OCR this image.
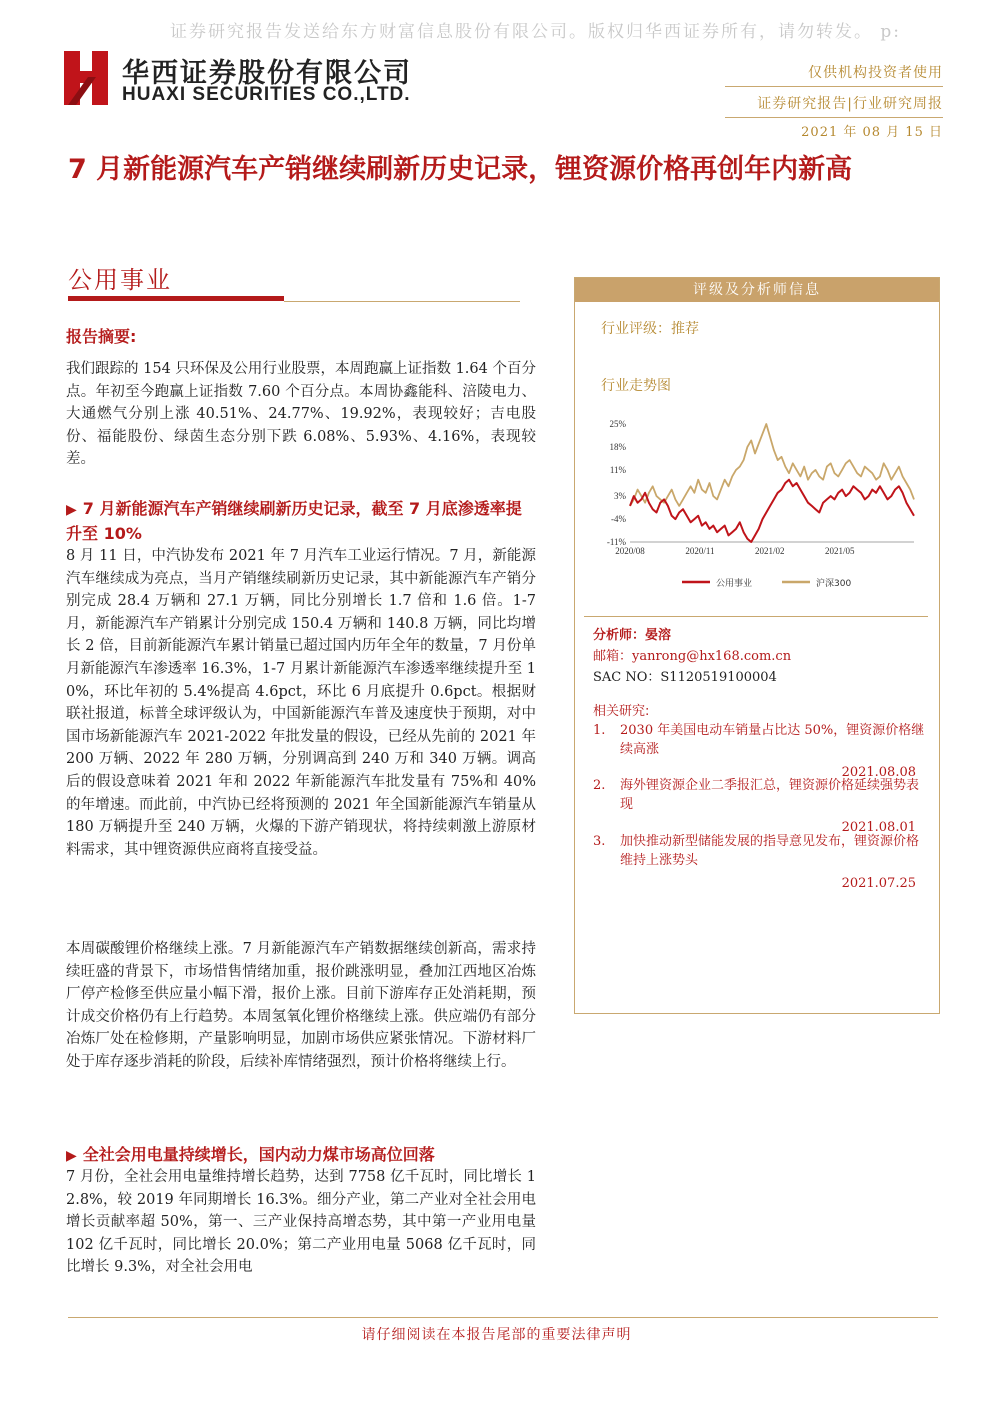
证券研究报告发送给东方财富信息股份有限公司。版权归华西证券所有，请勿转发。 p:
华西证券股份有限公司
HUAXI SECURITIES CO.,LTD.
仅供机构投资者使用
证券研究报告|行业研究周报
2021 年 08 月 15 日
7 月新能源汽车产销继续刷新历史记录，锂资源价格再创年内新高
公用事业
报告摘要:
我们跟踪的 154 只环保及公用行业股票，本周跑赢上证指数 1.64 个百分点。年初至今跑赢上证指数 7.60 个百分点。本周协鑫能科、涪陵电力、大通燃气分别上涨 40.51%、24.77%、19.92%，表现较好；吉电股份、福能股份、绿茵生态分别下跌 6.08%、5.93%、4.16%，表现较差。
▶ 7 月新能源汽车产销继续刷新历史记录，截至 7 月底渗透率提升至 10%
8 月 11 日，中汽协发布 2021 年 7 月汽车工业运行情况。7 月，新能源汽车继续成为亮点，当月产销继续刷新历史记录，其中新能源汽车产销分别完成 28.4 万辆和 27.1 万辆，同比分别增长 1.7 倍和 1.6 倍。1-7 月，新能源汽车产销累计分别完成 150.4 万辆和 140.8 万辆，同比均增长 2 倍，目前新能源汽车累计销量已超过国内历年全年的数量，7 月份单月新能源汽车渗透率 16.3%，1-7 月累计新能源汽车渗透率继续提升至 10%，环比年初的 5.4%提高 4.6pct，环比 6 月底提升 0.6pct。根据财联社报道，标普全球评级认为，中国新能源汽车普及速度快于预期，对中国市场新能源汽车 2021-2022 年批发量的假设，已经从先前的 2021 年 200 万辆、2022 年 280 万辆，分别调高到 240 万和 340 万辆。调高后的假设意味着 2021 年和 2022 年新能源汽车批发量有 75%和 40%的年增速。而此前，中汽协已经将预测的 2021 年全国新能源汽车销量从 180 万辆提升至 240 万辆，火爆的下游产销现状，将持续刺激上游原材料需求，其中锂资源供应商将直接受益。
本周碳酸锂价格继续上涨。7 月新能源汽车产销数据继续创新高，需求持续旺盛的背景下，市场惜售情绪加重，报价跳涨明显，叠加江西地区冶炼厂停产检修至供应量小幅下滑，报价上涨。目前下游库存正处消耗期，预计成交价格仍有上行趋势。本周氢氧化锂价格继续上涨。供应端仍有部分冶炼厂处在检修期，产量影响明显，加剧市场供应紧张情况。下游材料厂处于库存逐步消耗的阶段，后续补库情绪强烈，预计价格将继续上行。
▶ 全社会用电量持续增长，国内动力煤市场高位回落
7 月份，全社会用电量维持增长趋势，达到 7758 亿千瓦时，同比增长 12.8%，较 2019 年同期增长 16.3%。细分产业，第二产业对全社会用电增长贡献率超 50%，第一、三产业保持高增态势，其中第一产业用电量 102 亿千瓦时，同比增长 20.0%；第二产业用电量 5068 亿千瓦时，同比增长 9.3%，对全社会用电
评级及分析师信息
行业评级：推荐
行业走势图
25%
18%
11%
3%
-4%
-11%
2020/08	2020/11	2021/02	2021/05
公用事业	沪深300
分析师：晏溶
邮箱：yanrong@hx168.com.cn
SAC NO：S1120519100004
相关研究:
1. 2030 年美国电动车销量占比达 50%，锂资源价格继续高涨
2021.08.08
2. 海外锂资源企业二季报汇总，锂资源价格延续强势表现
2021.08.01
3. 加快推动新型储能发展的指导意见发布，锂资源价格维持上涨势头
2021.07.25
请仔细阅读在本报告尾部的重要法律声明
